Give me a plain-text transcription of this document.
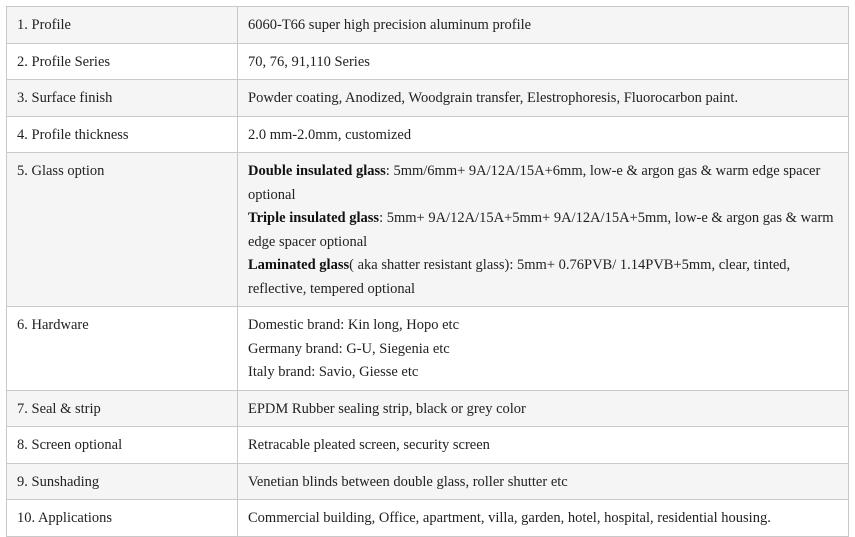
1. Profile	6060-T66 super high precision aluminum profile
2. Profile Series	70, 76, 91,110 Series
3. Surface finish	Powder coating, Anodized, Woodgrain transfer, Elestrophoresis, Fluorocarbon paint.
4. Profile thickness	2.0 mm-2.0mm, customized
5. Glass option	Double insulated glass: 5mm/6mm+ 9A/12A/15A+6mm, low-e & argon gas & warm edge spacer optional
Triple insulated glass: 5mm+ 9A/12A/15A+5mm+ 9A/12A/15A+5mm, low-e & argon gas & warm edge spacer optional
Laminated glass( aka shatter resistant glass): 5mm+ 0.76PVB/ 1.14PVB+5mm, clear, tinted, reflective, tempered optional

6. Hardware	Domestic brand: Kin long, Hopo etc
Germany brand: G-U, Siegenia etc
Italy brand: Savio, Giesse etc

7. Seal & strip	EPDM Rubber sealing strip, black or grey color
8. Screen optional	Retracable pleated screen, security screen
9. Sunshading	Venetian blinds between double glass, roller shutter etc
10. Applications	Commercial building, Office, apartment, villa, garden, hotel, hospital, residential housing.
